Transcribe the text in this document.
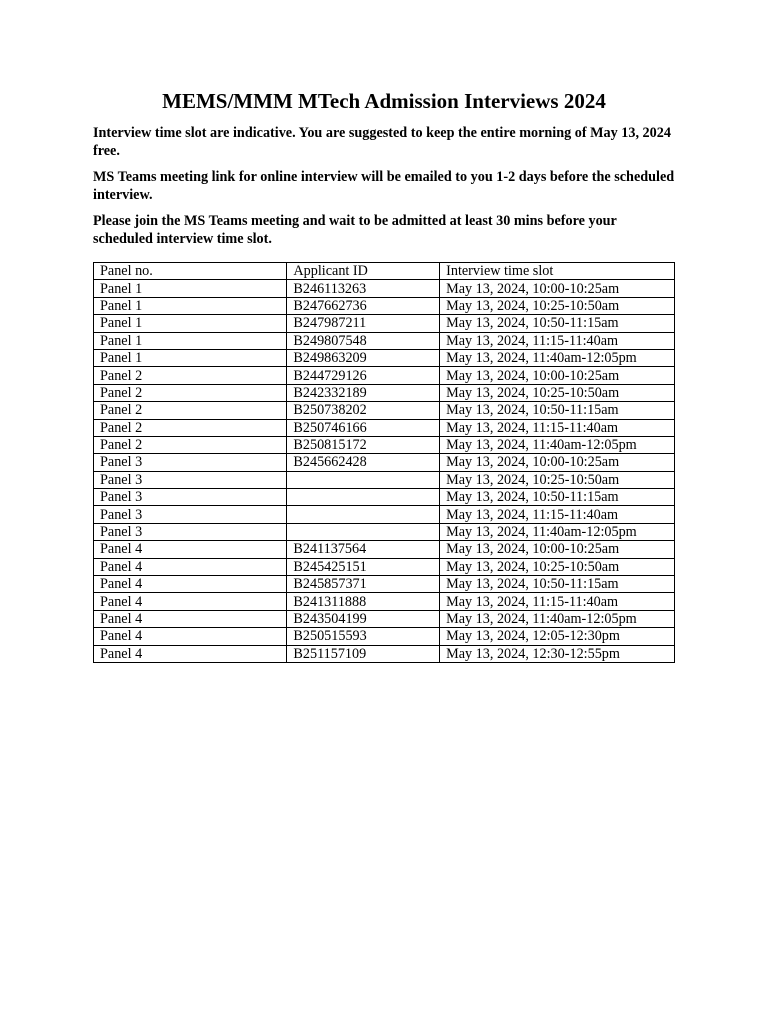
MEMS/MMM MTech Admission Interviews 2024

Interview time slot are indicative. You are suggested to keep the entire morning of May 13, 2024 free.

MS Teams meeting link for online interview will be emailed to you 1-2 days before the scheduled interview.

Please join the MS Teams meeting and wait to be admitted at least 30 mins before your scheduled interview time slot.

Panel no.	Applicant ID	Interview time slot
Panel 1	B246113263	May 13, 2024, 10:00-10:25am
Panel 1	B247662736	May 13, 2024, 10:25-10:50am
Panel 1	B247987211	May 13, 2024, 10:50-11:15am
Panel 1	B249807548	May 13, 2024, 11:15-11:40am
Panel 1	B249863209	May 13, 2024, 11:40am-12:05pm
Panel 2	B244729126	May 13, 2024, 10:00-10:25am
Panel 2	B242332189	May 13, 2024, 10:25-10:50am
Panel 2	B250738202	May 13, 2024, 10:50-11:15am
Panel 2	B250746166	May 13, 2024, 11:15-11:40am
Panel 2	B250815172	May 13, 2024, 11:40am-12:05pm
Panel 3	B245662428	May 13, 2024, 10:00-10:25am
Panel 3		May 13, 2024, 10:25-10:50am
Panel 3		May 13, 2024, 10:50-11:15am
Panel 3		May 13, 2024, 11:15-11:40am
Panel 3		May 13, 2024, 11:40am-12:05pm
Panel 4	B241137564	May 13, 2024, 10:00-10:25am
Panel 4	B245425151	May 13, 2024, 10:25-10:50am
Panel 4	B245857371	May 13, 2024, 10:50-11:15am
Panel 4	B241311888	May 13, 2024, 11:15-11:40am
Panel 4	B243504199	May 13, 2024, 11:40am-12:05pm
Panel 4	B250515593	May 13, 2024, 12:05-12:30pm
Panel 4	B251157109	May 13, 2024, 12:30-12:55pm
